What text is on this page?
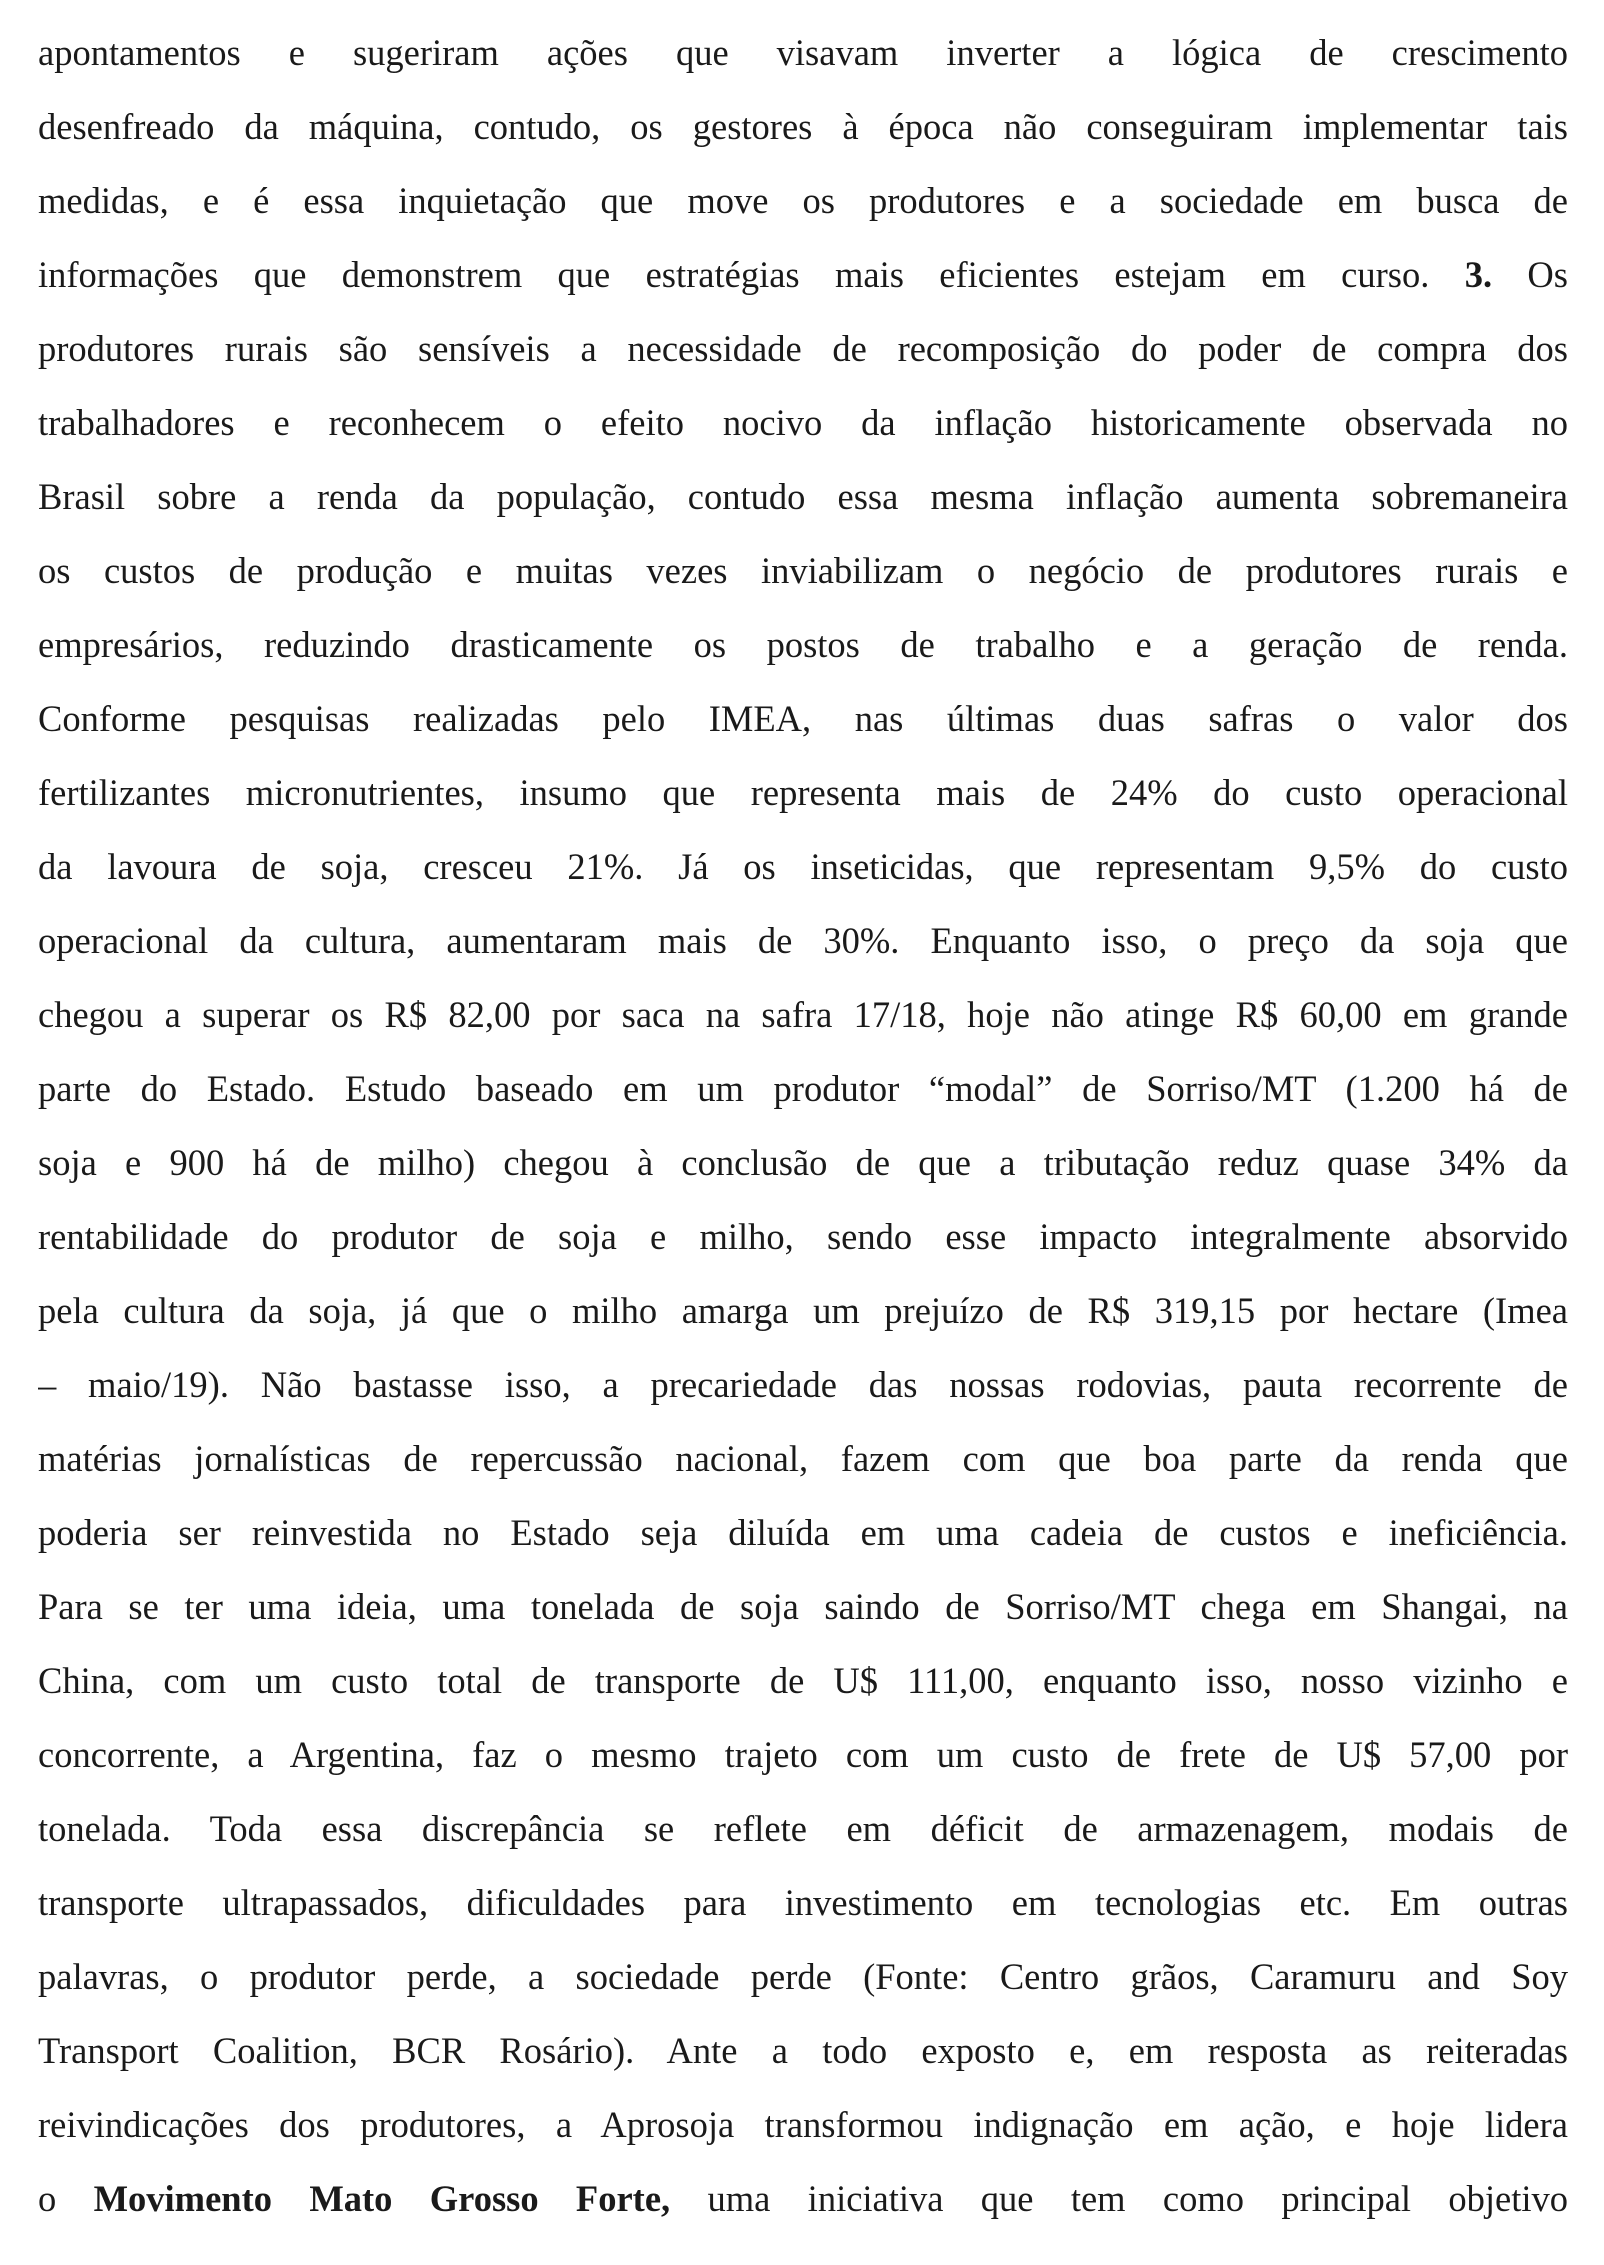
apontamentos e sugeriram ações que visavam inverter a lógica de crescimento
desenfreado da máquina, contudo, os gestores à época não conseguiram implementar tais
medidas, e é essa inquietação que move os produtores e a sociedade em busca de
informações que demonstrem que estratégias mais eficientes estejam em curso. 3. Os
produtores rurais são sensíveis a necessidade de recomposição do poder de compra dos
trabalhadores e reconhecem o efeito nocivo da inflação historicamente observada no
Brasil sobre a renda da população, contudo essa mesma inflação aumenta sobremaneira
os custos de produção e muitas vezes inviabilizam o negócio de produtores rurais e
empresários, reduzindo drasticamente os postos de trabalho e a geração de renda.
Conforme pesquisas realizadas pelo IMEA, nas últimas duas safras o valor dos
fertilizantes micronutrientes, insumo que representa mais de 24% do custo operacional
da lavoura de soja, cresceu 21%. Já os inseticidas, que representam 9,5% do custo
operacional da cultura, aumentaram mais de 30%. Enquanto isso, o preço da soja que
chegou a superar os R$ 82,00 por saca na safra 17/18, hoje não atinge R$ 60,00 em grande
parte do Estado. Estudo baseado em um produtor “modal” de Sorriso/MT (1.200 há de
soja e 900 há de milho) chegou à conclusão de que a tributação reduz quase 34% da
rentabilidade do produtor de soja e milho, sendo esse impacto integralmente absorvido
pela cultura da soja, já que o milho amarga um prejuízo de R$ 319,15 por hectare (Imea
– maio/19). Não bastasse isso, a precariedade das nossas rodovias, pauta recorrente de
matérias jornalísticas de repercussão nacional, fazem com que boa parte da renda que
poderia ser reinvestida no Estado seja diluída em uma cadeia de custos e ineficiência.
Para se ter uma ideia, uma tonelada de soja saindo de Sorriso/MT chega em Shangai, na
China, com um custo total de transporte de U$ 111,00, enquanto isso, nosso vizinho e
concorrente, a Argentina, faz o mesmo trajeto com um custo de frete de U$ 57,00 por
tonelada. Toda essa discrepância se reflete em déficit de armazenagem, modais de
transporte ultrapassados, dificuldades para investimento em tecnologias etc. Em outras
palavras, o produtor perde, a sociedade perde (Fonte: Centro grãos, Caramuru and Soy
Transport Coalition, BCR Rosário). Ante a todo exposto e, em resposta as reiteradas
reivindicações dos produtores, a Aprosoja transformou indignação em ação, e hoje lidera
o Movimento Mato Grosso Forte, uma iniciativa que tem como principal objetivo
